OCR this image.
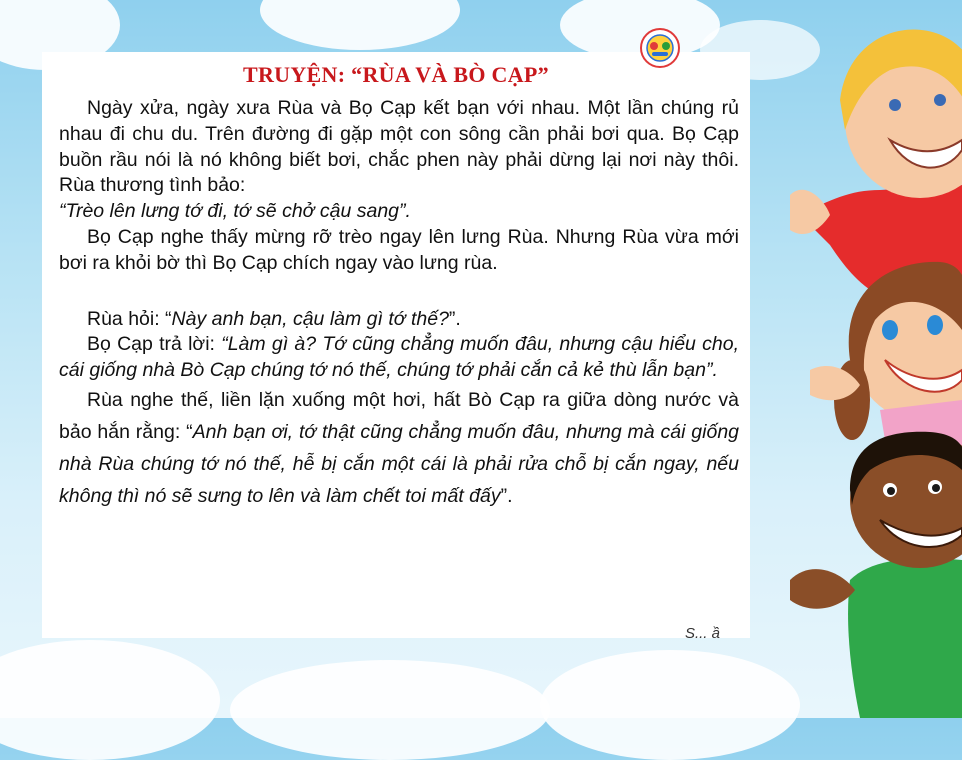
TRUYỆN: “RÙA VÀ BÒ CẠP”

Ngày xửa, ngày xưa Rùa và Bọ Cạp kết bạn với nhau. Một lần chúng rủ nhau đi chu du. Trên đường đi gặp một con sông cần phải bơi qua. Bọ Cạp buồn rầu nói là nó không biết bơi, chắc phen này phải dừng lại nơi này thôi. Rùa thương tình bảo:

“Trèo lên lưng tớ đi, tớ sẽ chở cậu sang”.

Bọ Cạp nghe thấy mừng rỡ trèo ngay lên lưng Rùa. Nhưng Rùa vừa mới bơi ra khỏi bờ thì Bọ Cạp chích ngay vào lưng rùa.

Rùa hỏi: “Này anh bạn, cậu làm gì tớ thế?”.

Bọ Cạp trả lời: “Làm gì à? Tớ cũng chẳng muốn đâu, nhưng cậu hiểu cho, cái giống nhà Bò Cạp chúng tớ nó thế, chúng tớ phải cắn cả kẻ thù lẫn bạn”.

Rùa nghe thế, liền lặn xuống một hơi, hất Bò Cạp ra giữa dòng nước và bảo hắn rằng: “Anh bạn ơi, tớ thật cũng chẳng muốn đâu, nhưng mà cái giống nhà Rùa chúng tớ nó thế, hễ bị cắn một cái là phải rửa chỗ bị cắn ngay, nếu không thì nó sẽ sưng to lên và làm chết toi mất đấy”.

S... ầ
